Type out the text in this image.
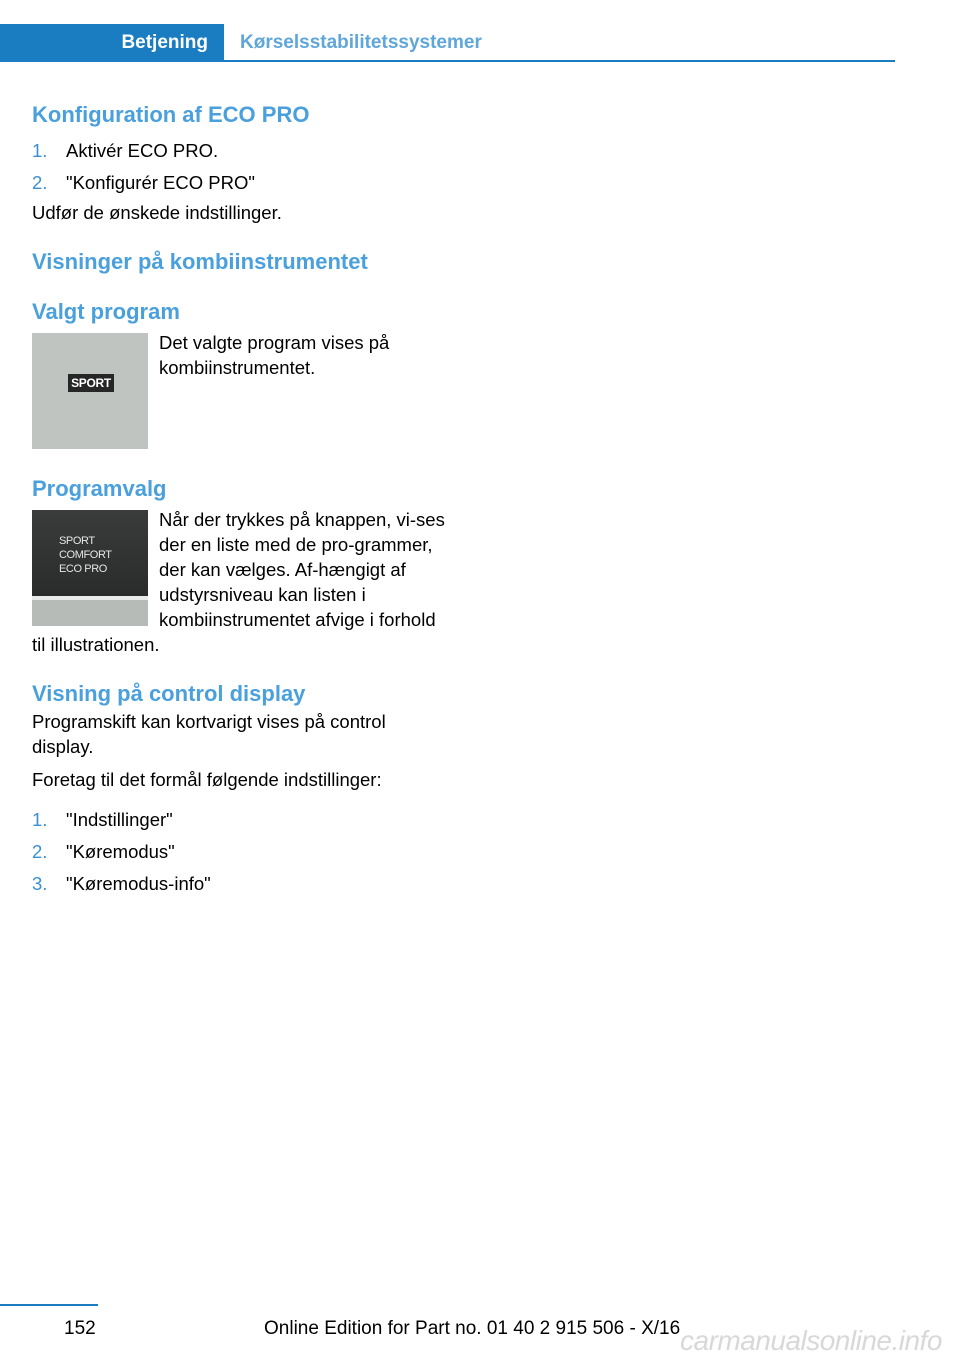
Betjening Kørselsstabilitetssystemer
Konfiguration af ECO PRO
1. Aktivér ECO PRO.
2. "Konfigurér ECO PRO"

Udfør de ønskede indstillinger.

Visninger på kombiinstrumentet
Valgt program
SPORT

Det valgte program vises på kombiinstrumentet.

Programvalg
SPORT
COMFORT
ECO PRO

Når der trykkes på knappen, vi-ses der en liste med de pro-grammer, der kan vælges. Af-hængigt af udstyrsniveau kan listen i kombiinstrumentet afvige i forhold til illustrationen.

Visning på control display

Programskift kan kortvarigt vises på control display.

Foretag til det formål følgende indstillinger:

1. "Indstillinger"
2. "Køremodus"
3. "Køremodus-info"
152	Online Edition for Part no. 01 40 2 915 506 - X/16 carmanualsonline.info
